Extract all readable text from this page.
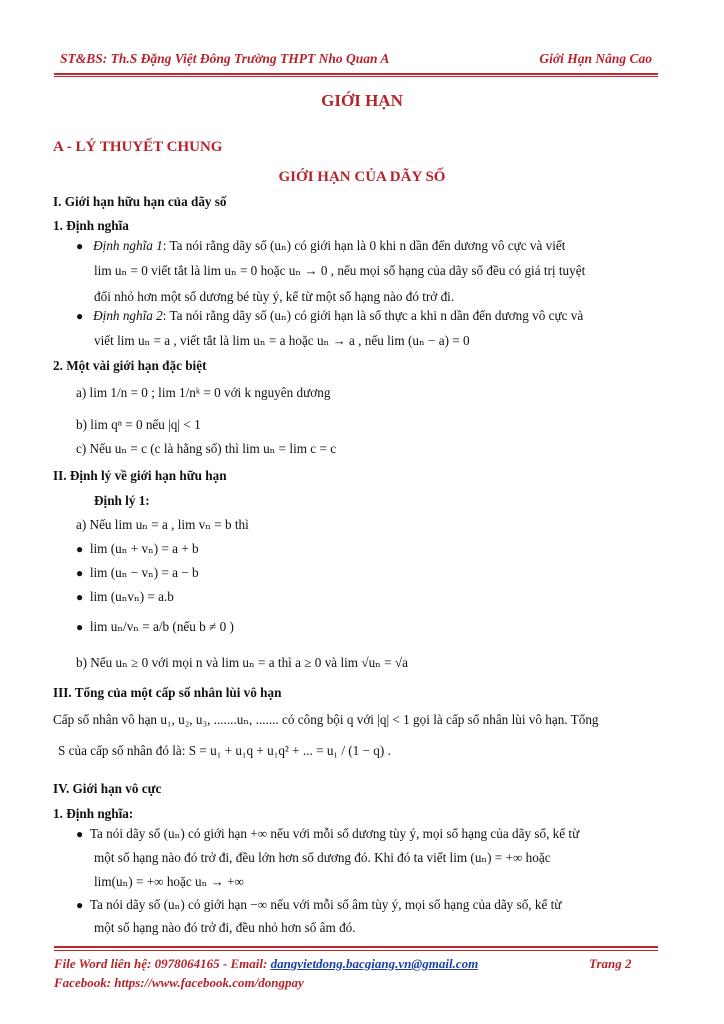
ST&BS: Th.S Đặng Việt Đông Trường THPT Nho Quan A	Giới Hạn Nâng Cao
GIỚI HẠN
A - LÝ THUYẾT CHUNG
GIỚI HẠN CỦA DÃY SỐ
I. Giới hạn hữu hạn của dãy số
1. Định nghĩa
● Định nghĩa 1: Ta nói rằng dãy số (uₙ) có giới hạn là 0 khi n dần đến dương vô cực và viết
lim uₙ = 0 viết tắt là lim uₙ = 0 hoặc uₙ → 0 , nếu mọi số hạng của dãy số đều có giá trị tuyệt
đối nhỏ hơn một số dương bé tùy ý, kể từ một số hạng nào đó trở đi.
● Định nghĩa 2: Ta nói rằng dãy số (uₙ) có giới hạn là số thực a khi n dần đến dương vô cực và
viết lim uₙ = a , viết tắt là lim uₙ = a hoặc uₙ → a , nếu lim (uₙ − a) = 0
2. Một vài giới hạn đặc biệt
a) lim 1/n = 0 ; lim 1/nᵏ = 0 với k nguyên dương
b) lim qⁿ = 0 nếu |q| < 1
c) Nếu uₙ = c (c là hằng số) thì lim uₙ = lim c = c
II. Định lý về giới hạn hữu hạn
Định lý 1:
a) Nếu lim uₙ = a , lim vₙ = b thì
● lim (uₙ + vₙ) = a + b
● lim (uₙ − vₙ) = a − b
● lim (uₙvₙ) = a.b
● lim uₙ/vₙ = a/b (nếu b ≠ 0 )
b) Nếu uₙ ≥ 0 với mọi n và lim uₙ = a thì a ≥ 0 và lim √uₙ = √a
III. Tổng của một cấp số nhân lùi vô hạn
Cấp số nhân vô hạn u₁, u₂, u₃, .......uₙ, ....... có công bội q với |q| < 1 gọi là cấp số nhân lùi vô hạn. Tổng
S của cấp số nhân đó là: S = u₁ + u₁q + u₁q² + ... = u₁ / (1 − q) .
IV. Giới hạn vô cực
1. Định nghĩa:
● Ta nói dãy số (uₙ) có giới hạn +∞ nếu với mỗi số dương tùy ý, mọi số hạng của dãy số, kể từ
một số hạng nào đó trở đi, đều lớn hơn số dương đó. Khi đó ta viết lim (uₙ) = +∞ hoặc
lim(uₙ) = +∞ hoặc uₙ → +∞
● Ta nói dãy số (uₙ) có giới hạn −∞ nếu với mỗi số âm tùy ý, mọi số hạng của dãy số, kể từ
một số hạng nào đó trở đi, đều nhỏ hơn số âm đó.
File Word liên hệ: 0978064165 - Email: dangvietdong.bacgiang.vn@gmail.com	Trang 2
Facebook: https://www.facebook.com/dongpay
